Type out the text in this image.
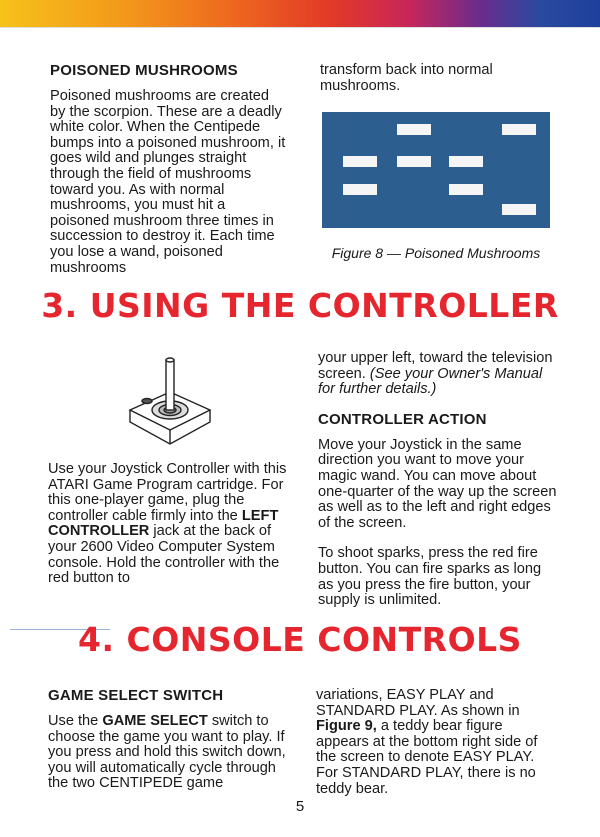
POISONED MUSHROOMS

Poisoned mushrooms are created by the scorpion. These are a deadly white color. When the Centipede bumps into a poisoned mushroom, it goes wild and plunges straight through the field of mushrooms toward you. As with normal mushrooms, you must hit a poisoned mushroom three times in succession to destroy it. Each time you lose a wand, poisoned mushrooms

transform back into normal mushrooms.

Figure 8 — Poisoned Mushrooms
3. USING THE CONTROLLER

Use your Joystick Controller with this ATARI Game Program cartridge. For this one-player game, plug the controller cable firmly into the LEFT CONTROLLER jack at the back of your 2600 Video Computer System console. Hold the controller with the red button to

your upper left, toward the television screen. (See your Owner's Manual for further details.)

CONTROLLER ACTION

Move your Joystick in the same direction you want to move your magic wand. You can move about one-quarter of the way up the screen as well as to the left and right edges of the screen.

To shoot sparks, press the red fire button. You can fire sparks as long as you press the fire button, your supply is unlimited.

4. CONSOLE CONTROLS
GAME SELECT SWITCH

Use the GAME SELECT switch to choose the game you want to play. If you press and hold this switch down, you will automatically cycle through the two CENTIPEDE game

variations, EASY PLAY and STANDARD PLAY. As shown in Figure 9, a teddy bear figure appears at the bottom right side of the screen to denote EASY PLAY. For STANDARD PLAY, there is no teddy bear.

5
